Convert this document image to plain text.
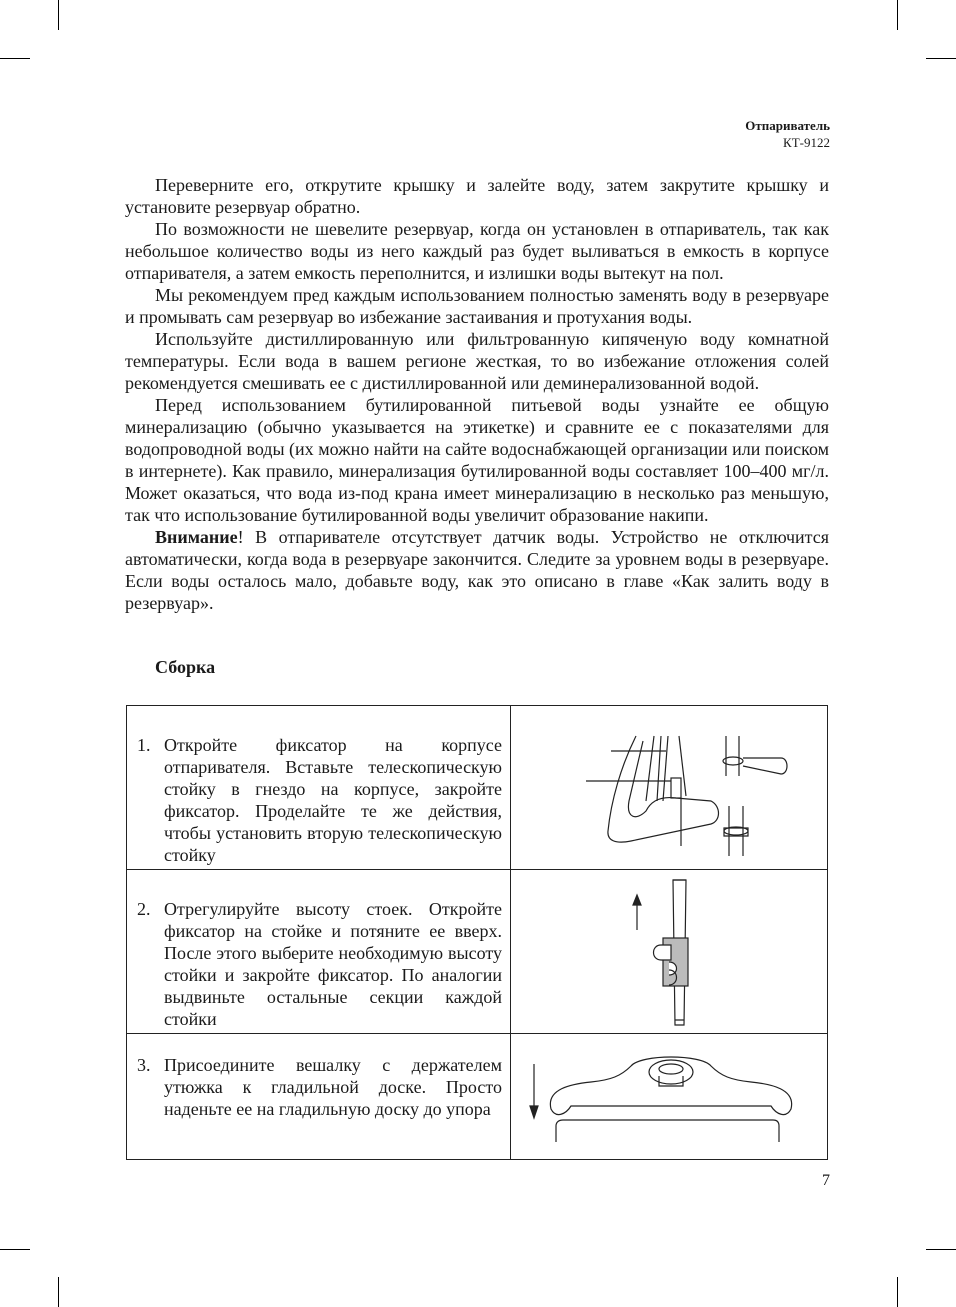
Отпариватель
КТ-9122

Переверните его, открутите крышку и залейте воду, затем закрутите крышку и установите резервуар обратно.

По возможности не шевелите резервуар, когда он установлен в отпариватель, так как небольшое количество воды из него каждый раз будет выливаться в емкость в корпусе отпаривателя, а затем емкость переполнится, и излишки воды вытекут на пол.

Мы рекомендуем пред каждым использованием полностью заменять воду в резервуаре и промывать сам резервуар во избежание застаивания и протухания воды.

Используйте дистиллированную или фильтрованную кипяченую воду комнатной температуры. Если вода в вашем регионе жесткая, то во избежание отложения солей рекомендуется смешивать ее с дистиллированной или деминерализованной водой.

Перед использованием бутилированной питьевой воды узнайте ее общую минерализацию (обычно указывается на этикетке) и сравните ее с показателями для водопроводной воды (их можно найти на сайте водоснабжающей организации или поиском в интернете). Как правило, минерализация бутилированной воды составляет 100–400 мг/л. Может оказаться, что вода из-под крана имеет минерализацию в несколько раз меньшую, так что использование бутилированной воды увеличит образование накипи.

Внимание! В отпаривателе отсутствует датчик воды. Устройство не отключится автоматически, когда вода в резервуаре закончится. Следите за уровнем воды в резервуаре. Если воды осталось мало, добавьте воду, как это описано в главе «Как залить воду в резервуар».

Сборка
1. Откройте фиксатор на корпусе отпаривателя. Вставьте телескопическую стойку в гнездо на корпусе, закройте фиксатор. Проделайте те же действия, чтобы установить вторую телескопическую стойку

2. Отрегулируйте высоту стоек. Откройте фиксатор на стойке и потяните ее вверх. После этого выберите необходимую высоту стойки и закройте фиксатор. По аналогии выдвиньте остальные секции каждой стойки

3. Присоедините вешалку с держателем утюжка к гладильной доске. Просто наденьте ее на гладильную доску до упора

7
